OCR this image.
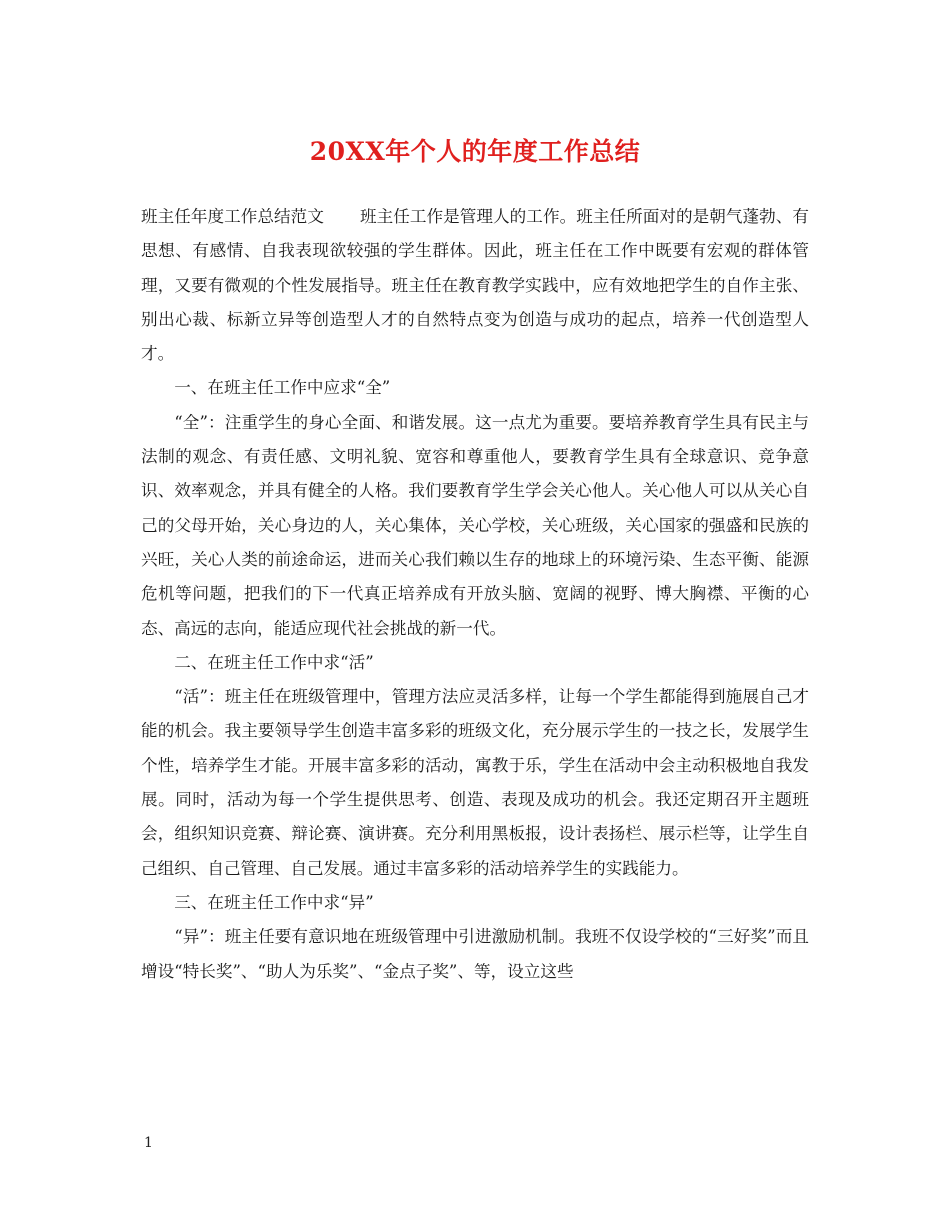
20XX年个人的年度工作总结

班主任年度工作总结范文 班主任工作是管理人的工作。班主任所面对的是朝气蓬勃、有思想、有感情、自我表现欲较强的学生群体。因此，班主任在工作中既要有宏观的群体管理，又要有微观的个性发展指导。班主任在教育教学实践中，应有效地把学生的自作主张、别出心裁、标新立异等创造型人才的自然特点变为创造与成功的起点，培养一代创造型人才。

一、在班主任工作中应求“全”

“全”：注重学生的身心全面、和谐发展。这一点尤为重要。要培养教育学生具有民主与法制的观念、有责任感、文明礼貌、宽容和尊重他人，要教育学生具有全球意识、竞争意识、效率观念，并具有健全的人格。我们要教育学生学会关心他人。关心他人可以从关心自己的父母开始，关心身边的人，关心集体，关心学校，关心班级，关心国家的强盛和民族的兴旺，关心人类的前途命运，进而关心我们赖以生存的地球上的环境污染、生态平衡、能源危机等问题，把我们的下一代真正培养成有开放头脑、宽阔的视野、博大胸襟、平衡的心态、高远的志向，能适应现代社会挑战的新一代。

二、在班主任工作中求“活”

“活”：班主任在班级管理中，管理方法应灵活多样，让每一个学生都能得到施展自己才能的机会。我主要领导学生创造丰富多彩的班级文化，充分展示学生的一技之长，发展学生个性，培养学生才能。开展丰富多彩的活动，寓教于乐，学生在活动中会主动积极地自我发展。同时，活动为每一个学生提供思考、创造、表现及成功的机会。我还定期召开主题班会，组织知识竞赛、辩论赛、演讲赛。充分利用黑板报，设计表扬栏、展示栏等，让学生自己组织、自己管理、自己发展。通过丰富多彩的活动培养学生的实践能力。

三、在班主任工作中求“异”

“异”：班主任要有意识地在班级管理中引进激励机制。我班不仅设学校的“三好奖”而且增设“特长奖”、“助人为乐奖”、“金点子奖”、等，设立这些

1
